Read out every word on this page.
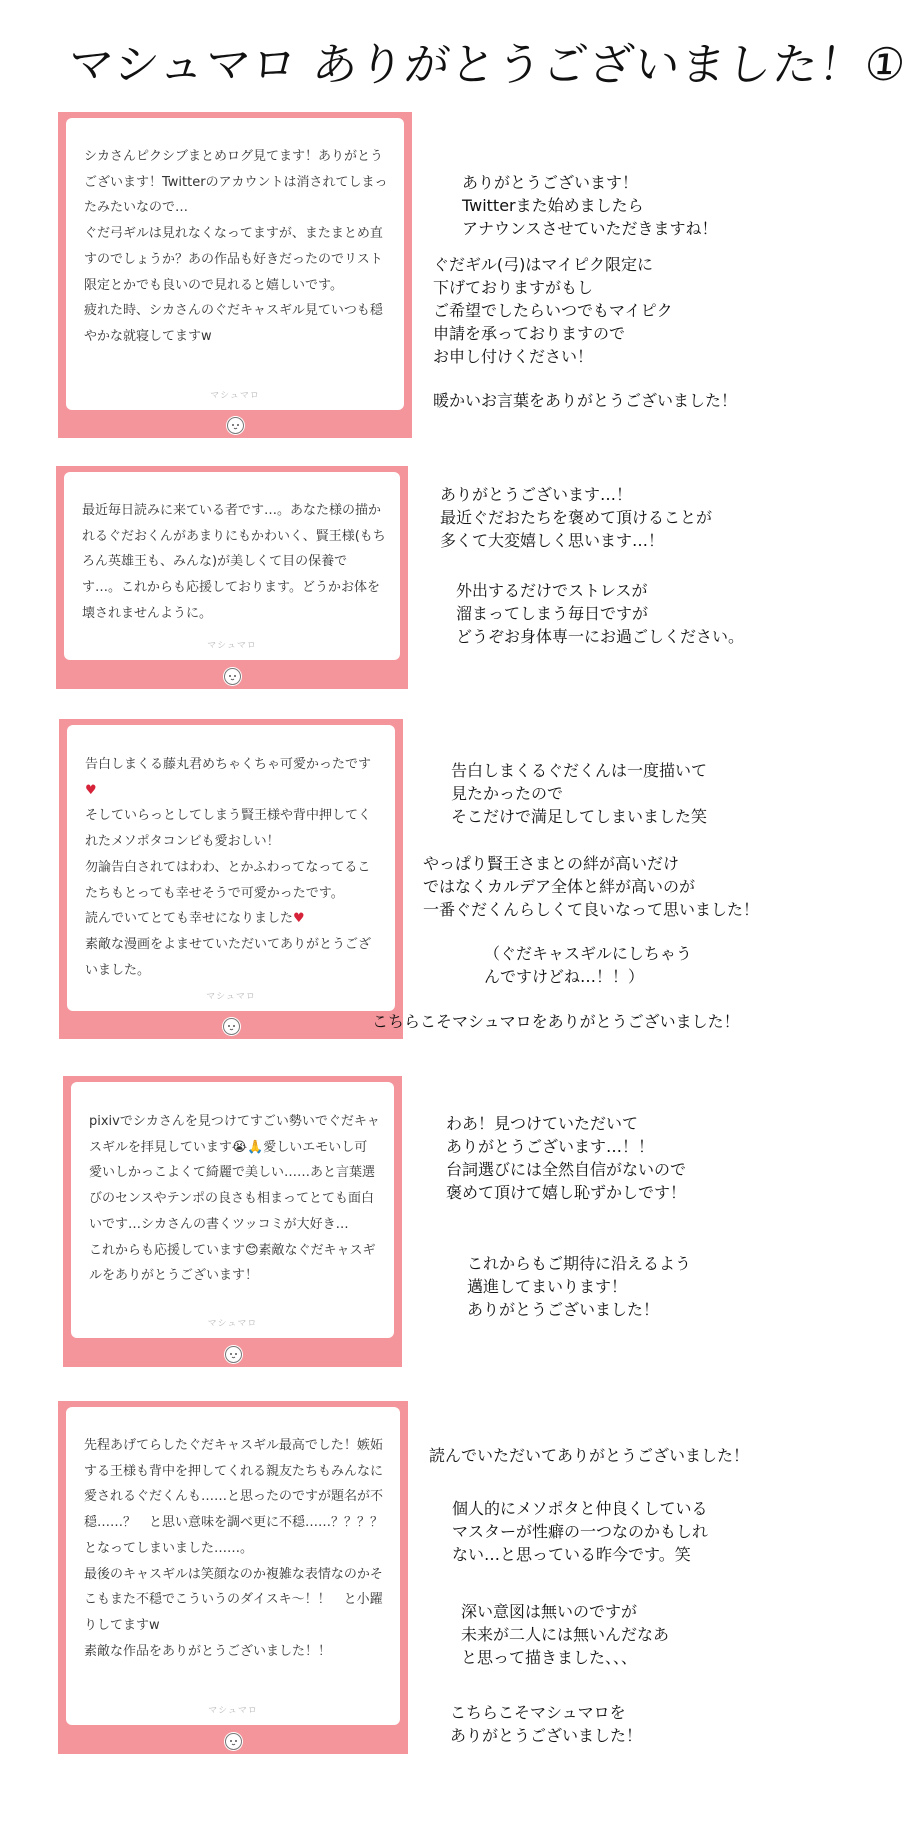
マシュマロ ありがとうございました！①

シカさんピクシブまとめログ見てます！ありがとうございます！Twitterのアカウントは消されてしまったみたいなので…

ぐだ弓ギルは見れなくなってますが、またまとめ直すのでしょうか？あの作品も好きだったのでリスト限定とかでも良いので見れると嬉しいです。

疲れた時、シカさんのぐだキャスギル見ていつも穏やかな就寝してますw

マシュマロ

最近毎日読みに来ている者です…。あなた様の描かれるぐだおくんがあまりにもかわいく、賢王様(もちろん英雄王も、みんな)が美しくて目の保養です…。これからも応援しております。どうかお体を壊されませんように。

マシュマロ

告白しまくる藤丸君めちゃくちゃ可愛かったです♥

そしていらっとしてしまう賢王様や背中押してくれたメソポタコンビも愛おしい！

勿論告白されてはわわ、とかふわってなってるこたちもとっても幸せそうで可愛かったです。

読んでいてとても幸せになりました♥

素敵な漫画をよませていただいてありがとうございました。

マシュマロ

pixivでシカさんを見つけてすごい勢いでぐだキャスギルを拝見しています😭🙏愛しいエモいし可愛いしかっこよくて綺麗で美しい……あと言葉選びのセンスやテンポの良さも相まってとても面白いです…シカさんの書くツッコミが大好き…

これからも応援しています😊素敵なぐだキャスギルをありがとうございます！

マシュマロ

先程あげてらしたぐだキャスギル最高でした！嫉妬する王様も背中を押してくれる親友たちもみんなに愛されるぐだくんも……と思ったのですが題名が不穏……？　と思い意味を調べ更に不穏……？？？？　となってしまいました……。

最後のキャスギルは笑顔なのか複雑な表情なのかそこもまた不穏でこういうのダイスキ〜！！　と小躍りしてますw

素敵な作品をありがとうございました！！

マシュマロ
ありがとうございます！
Twitterまた始めましたら
アナウンスさせていただきますね！
ぐだギル(弓)はマイピク限定に
下げておりますがもし
ご希望でしたらいつでもマイピク
申請を承っておりますので
お申し付けください！
暖かいお言葉をありがとうございました！
ありがとうございます…！
最近ぐだおたちを褒めて頂けることが
多くて大変嬉しく思います…！
外出するだけでストレスが
溜まってしまう毎日ですが
どうぞお身体専一にお過ごしください。
告白しまくるぐだくんは一度描いて
見たかったので
そこだけで満足してしまいました笑
やっぱり賢王さまとの絆が高いだけ
ではなくカルデア全体と絆が高いのが
一番ぐだくんらしくて良いなって思いました！
（ぐだキャスギルにしちゃう
んですけどね…！！）
こちらこそマシュマロをありがとうございました！
わあ！見つけていただいて
ありがとうございます…！！
台詞選びには全然自信がないので
褒めて頂けて嬉し恥ずかしです！
これからもご期待に沿えるよう
邁進してまいります！
ありがとうございました！
読んでいただいてありがとうございました！
個人的にメソポタと仲良くしている
マスターが性癖の一つなのかもしれ
ない…と思っている昨今です。笑
深い意図は無いのですが
未来が二人には無いんだなあ
と思って描きました、、、
こちらこそマシュマロを
ありがとうございました！
